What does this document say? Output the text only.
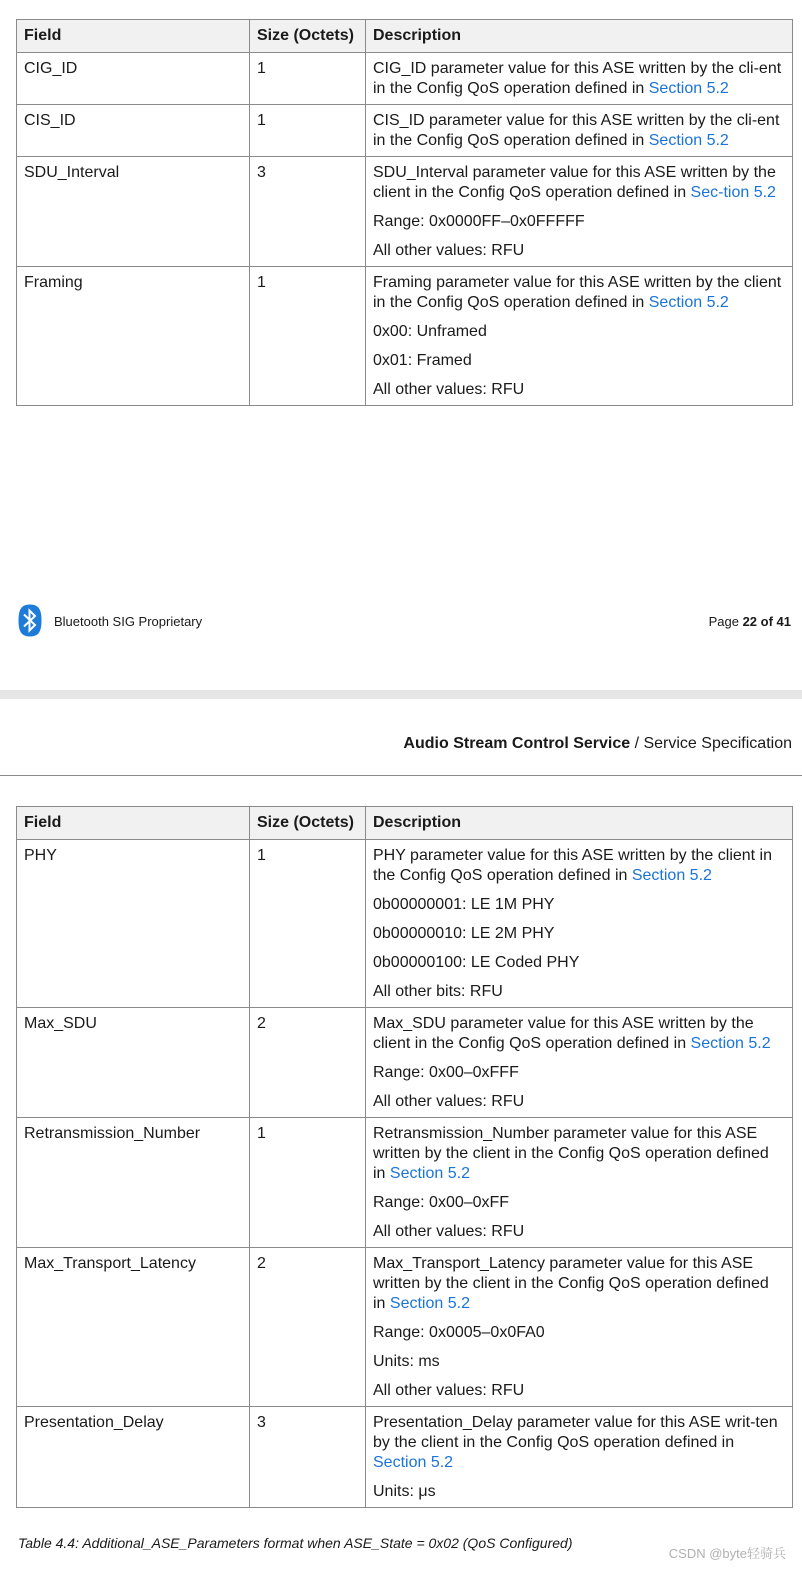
Field	Size (Octets)	Description
CIG_ID	1	CIG_ID parameter value for this ASE written by the cli-ent in the Config QoS operation defined in Section 5.2

CIS_ID	1	CIS_ID parameter value for this ASE written by the cli-ent in the Config QoS operation defined in Section 5.2

SDU_Interval	3	SDU_Interval parameter value for this ASE written by the client in the Config QoS operation defined in Sec-tion 5.2

Range: 0x0000FF–0x0FFFFF

All other values: RFU

Framing	1	Framing parameter value for this ASE written by the client in the Config QoS operation defined in Section 5.2

0x00: Unframed

0x01: Framed

All other values: RFU

Bluetooth SIG Proprietary	Page 22 of 41
Audio Stream Control Service / Service Specification
Field	Size (Octets)	Description
PHY	1	PHY parameter value for this ASE written by the client in the Config QoS operation defined in Section 5.2

0b00000001: LE 1M PHY

0b00000010: LE 2M PHY

0b00000100: LE Coded PHY

All other bits: RFU

Max_SDU	2	Max_SDU parameter value for this ASE written by the client in the Config QoS operation defined in Section 5.2

Range: 0x00–0xFFF

All other values: RFU

Retransmission_Number	1	Retransmission_Number parameter value for this ASE written by the client in the Config QoS operation defined in Section 5.2

Range: 0x00–0xFF

All other values: RFU

Max_Transport_Latency	2	Max_Transport_Latency parameter value for this ASE written by the client in the Config QoS operation defined in Section 5.2

Range: 0x0005–0x0FA0

Units: ms

All other values: RFU

Presentation_Delay	3	Presentation_Delay parameter value for this ASE writ-ten by the client in the Config QoS operation defined in Section 5.2

Units: μs

Table 4.4: Additional_ASE_Parameters format when ASE_State = 0x02 (QoS Configured)
CSDN @byte轻骑兵
